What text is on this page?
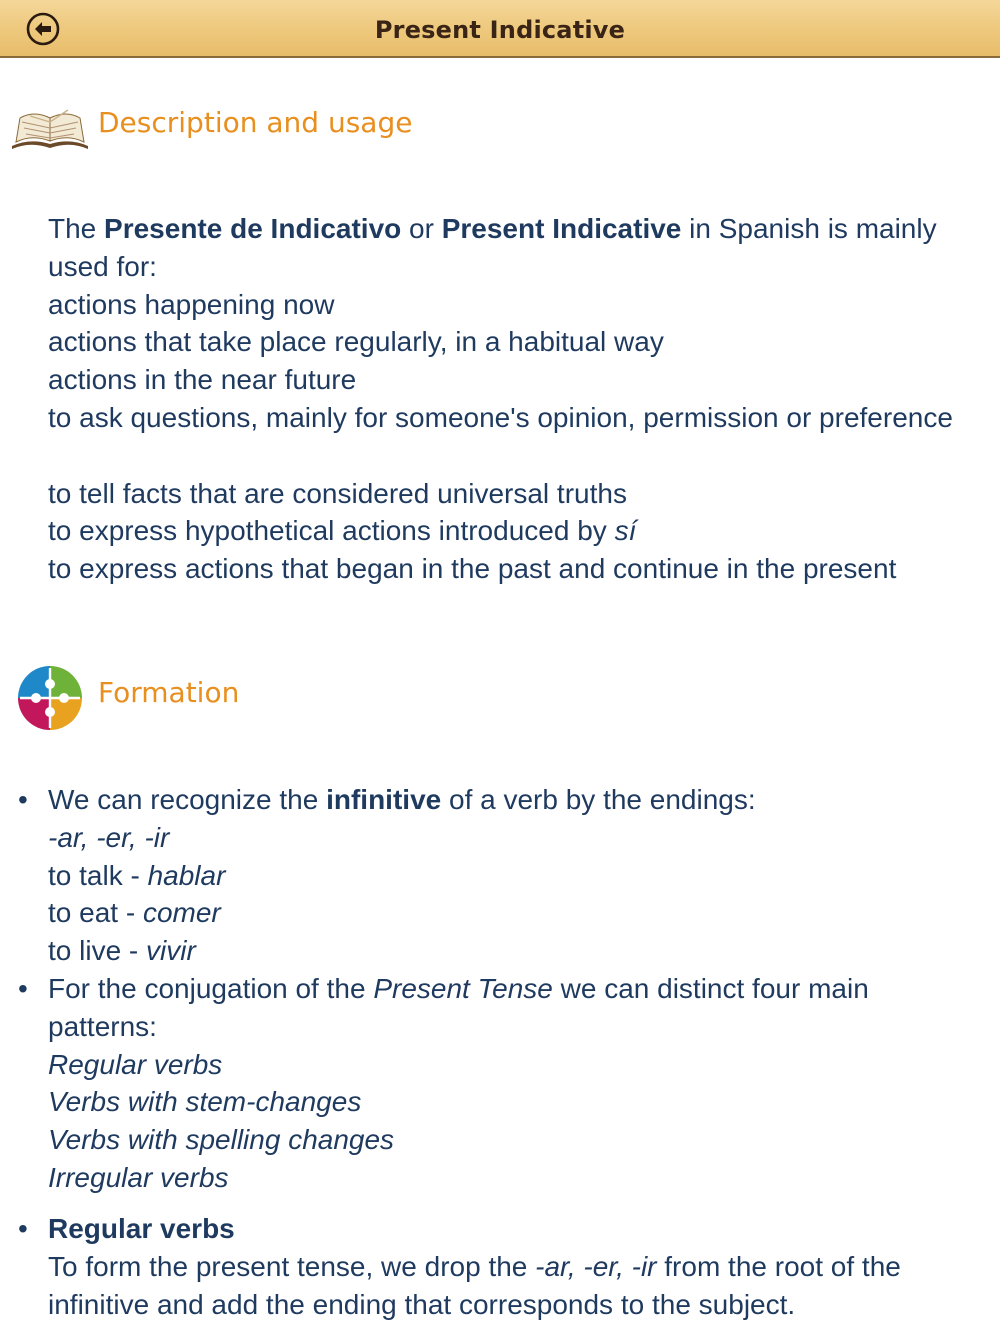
Present Indicative
Description and usage
The Presente de Indicativo or Present Indicative in Spanish is mainly used for:
actions happening now
actions that take place regularly, in a habitual way
actions in the near future
to ask questions, mainly for someone's opinion, permission or preference
to tell facts that are considered universal truths
to express hypothetical actions introduced by sí
to express actions that began in the past and continue in the present
Formation
• We can recognize the infinitive of a verb by the endings:
-ar, -er, -ir
to talk - hablar
to eat - comer
to live - vivir
• For the conjugation of the Present Tense we can distinct four main patterns:
Regular verbs
Verbs with stem-changes
Verbs with spelling changes
Irregular verbs
• Regular verbs
To form the present tense, we drop the -ar, -er, -ir from the root of the infinitive and add the ending that corresponds to the subject.
